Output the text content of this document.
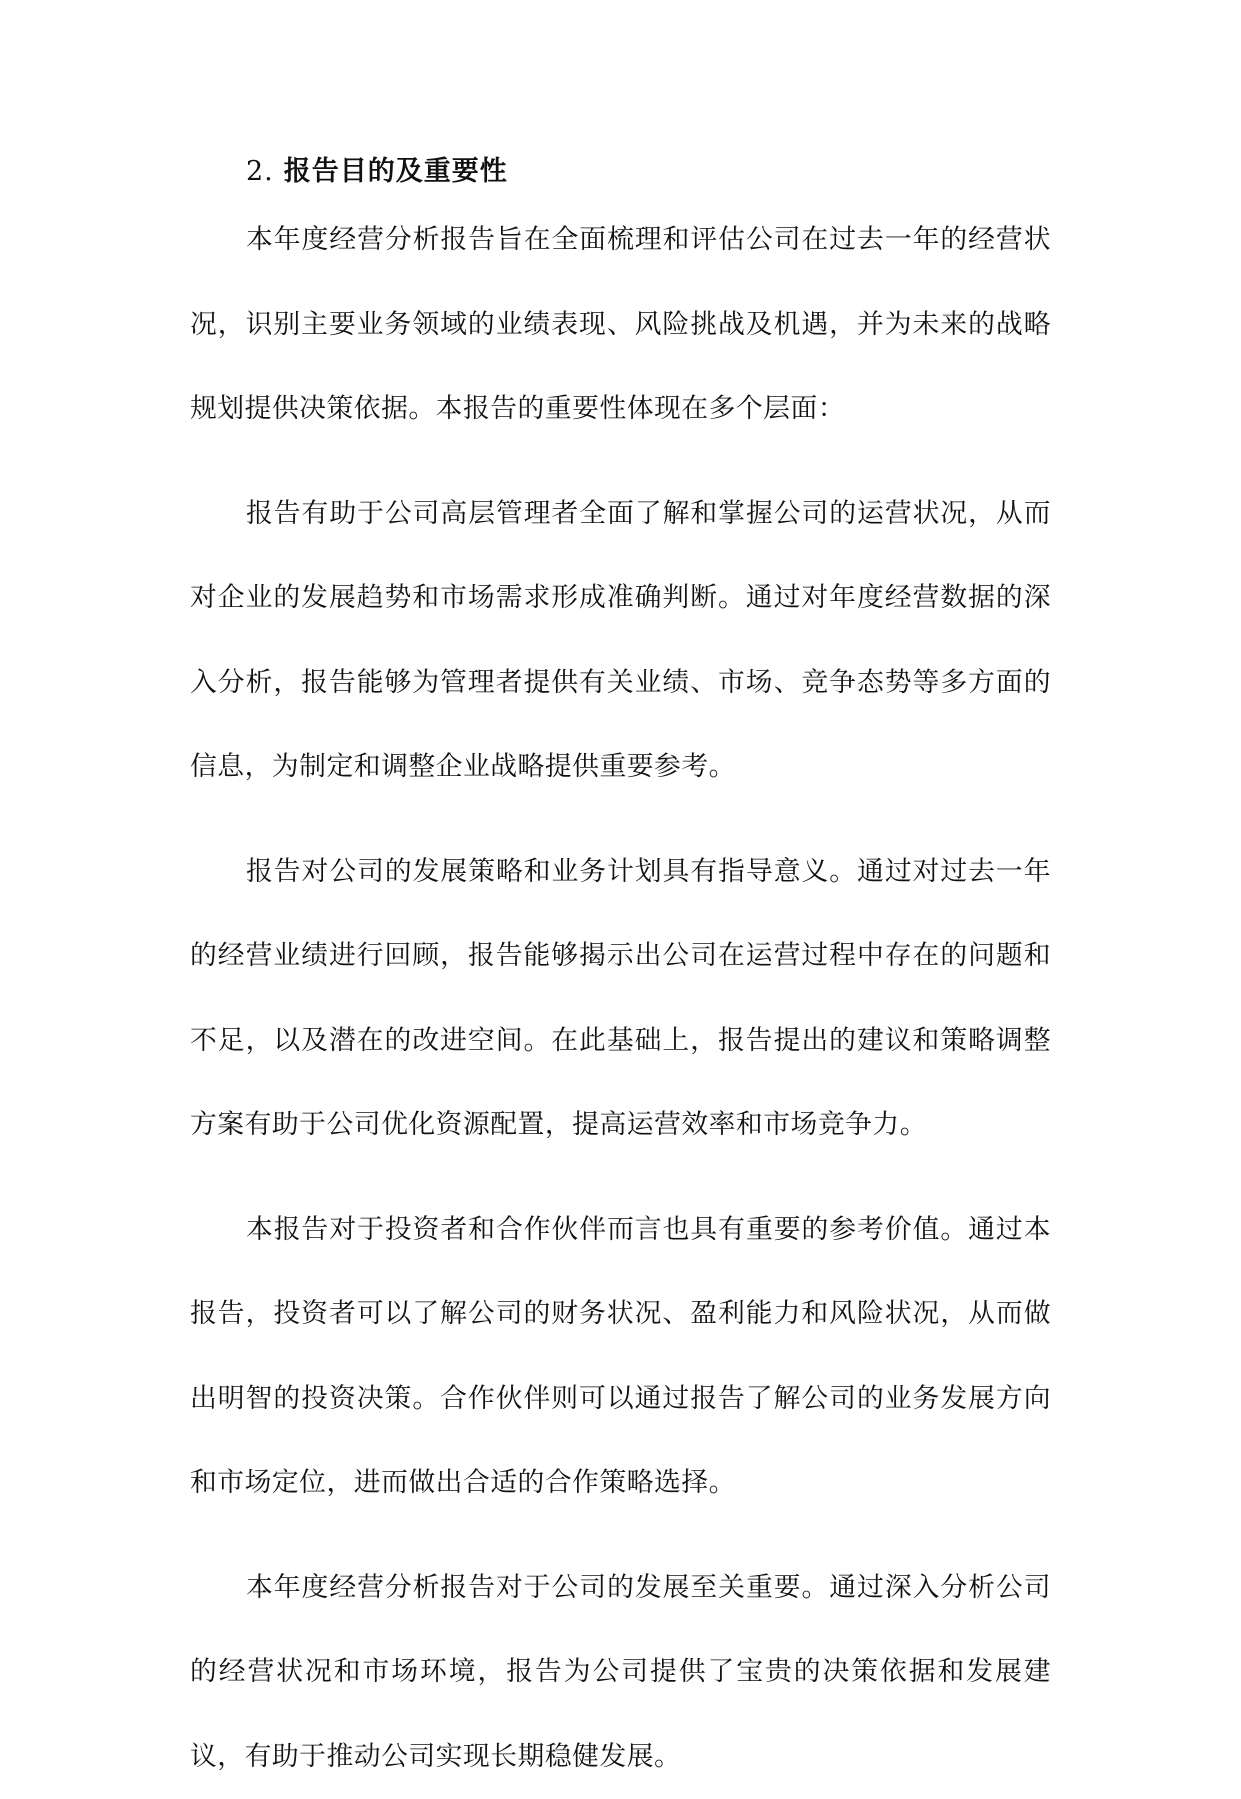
2. 报告目的及重要性

本年度经营分析报告旨在全面梳理和评估公司在过去一年的经营状况，识别主要业务领域的业绩表现、风险挑战及机遇，并为未来的战略规划提供决策依据。本报告的重要性体现在多个层面：

报告有助于公司高层管理者全面了解和掌握公司的运营状况，从而对企业的发展趋势和市场需求形成准确判断。通过对年度经营数据的深入分析，报告能够为管理者提供有关业绩、市场、竞争态势等多方面的信息，为制定和调整企业战略提供重要参考。

报告对公司的发展策略和业务计划具有指导意义。通过对过去一年的经营业绩进行回顾，报告能够揭示出公司在运营过程中存在的问题和不足，以及潜在的改进空间。在此基础上，报告提出的建议和策略调整方案有助于公司优化资源配置，提高运营效率和市场竞争力。

本报告对于投资者和合作伙伴而言也具有重要的参考价值。通过本报告，投资者可以了解公司的财务状况、盈利能力和风险状况，从而做出明智的投资决策。合作伙伴则可以通过报告了解公司的业务发展方向和市场定位，进而做出合适的合作策略选择。

本年度经营分析报告对于公司的发展至关重要。通过深入分析公司的经营状况和市场环境，报告为公司提供了宝贵的决策依据和发展建议，有助于推动公司实现长期稳健发展。
